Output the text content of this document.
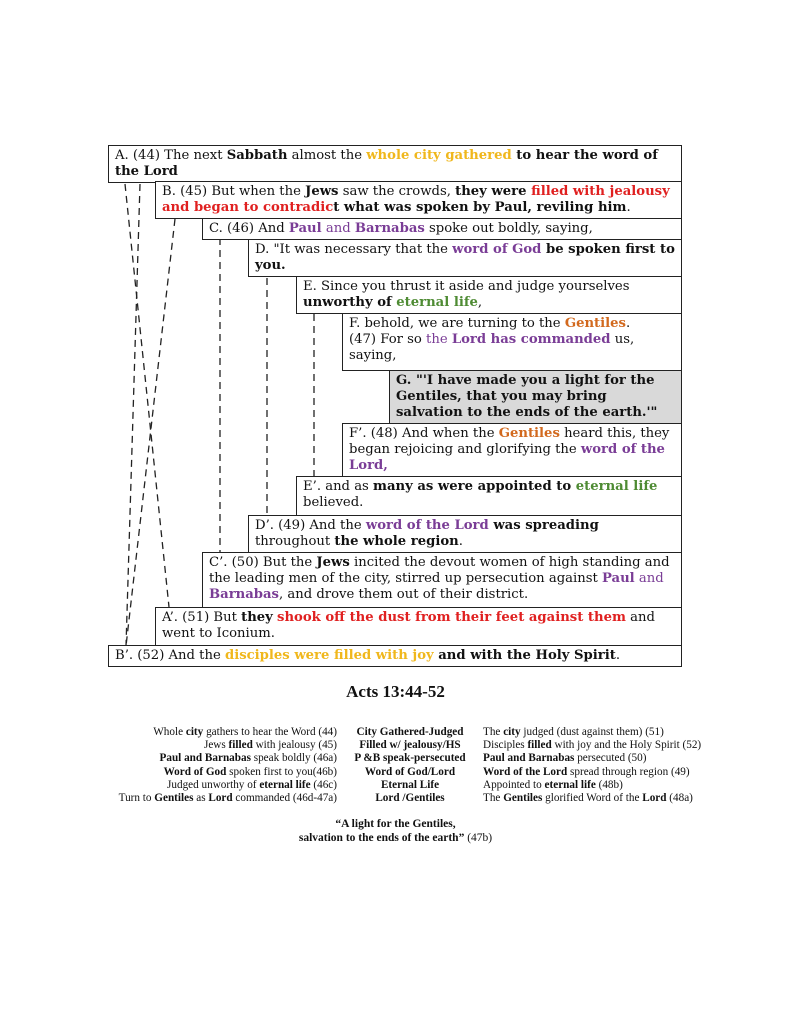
A. (44) The next Sabbath almost the whole city gathered to hear the word of the Lord
B. (45) But when the Jews saw the crowds, they were filled with jealousy and began to contradict what was spoken by Paul, reviling him.
C. (46) And Paul and Barnabas spoke out boldly, saying,
D. "It was necessary that the word of God be spoken first to you.
E. Since you thrust it aside and judge yourselves unworthy of eternal life,
F. behold, we are turning to the Gentiles.
(47) For so the Lord has commanded us, saying,
G. "'I have made you a light for the Gentiles, that you may bring salvation to the ends of the earth.'"
F’. (48) And when the Gentiles heard this, they began rejoicing and glorifying the word of the Lord,
E’. and as many as were appointed to eternal life believed.
D’. (49) And the word of the Lord was spreading throughout the whole region.
C’. (50) But the Jews incited the devout women of high standing and the leading men of the city, stirred up persecution against Paul and Barnabas, and drove them out of their district.
A’. (51) But they shook off the dust from their feet against them and went to Iconium.
B’. (52) And the disciples were filled with joy and with the Holy Spirit.
Acts 13:44-52
Whole city gathers to hear the Word (44)
Jews filled with jealousy (45)
Paul and Barnabas speak boldly (46a)
Word of God spoken first to you(46b)
Judged unworthy of eternal life (46c)
Turn to Gentiles as Lord commanded (46d-47a)
City Gathered-Judged
Filled w/ jealousy/HS
P &B speak-persecuted
Word of God/Lord
Eternal Life
Lord /Gentiles
The city judged (dust against them) (51)
Disciples filled with joy and the Holy Spirit (52)
Paul and Barnabas persecuted (50)
Word of the Lord spread through region (49)
Appointed to eternal life (48b)
The Gentiles glorified Word of the Lord (48a)
“A light for the Gentiles,
salvation to the ends of the earth” (47b)
